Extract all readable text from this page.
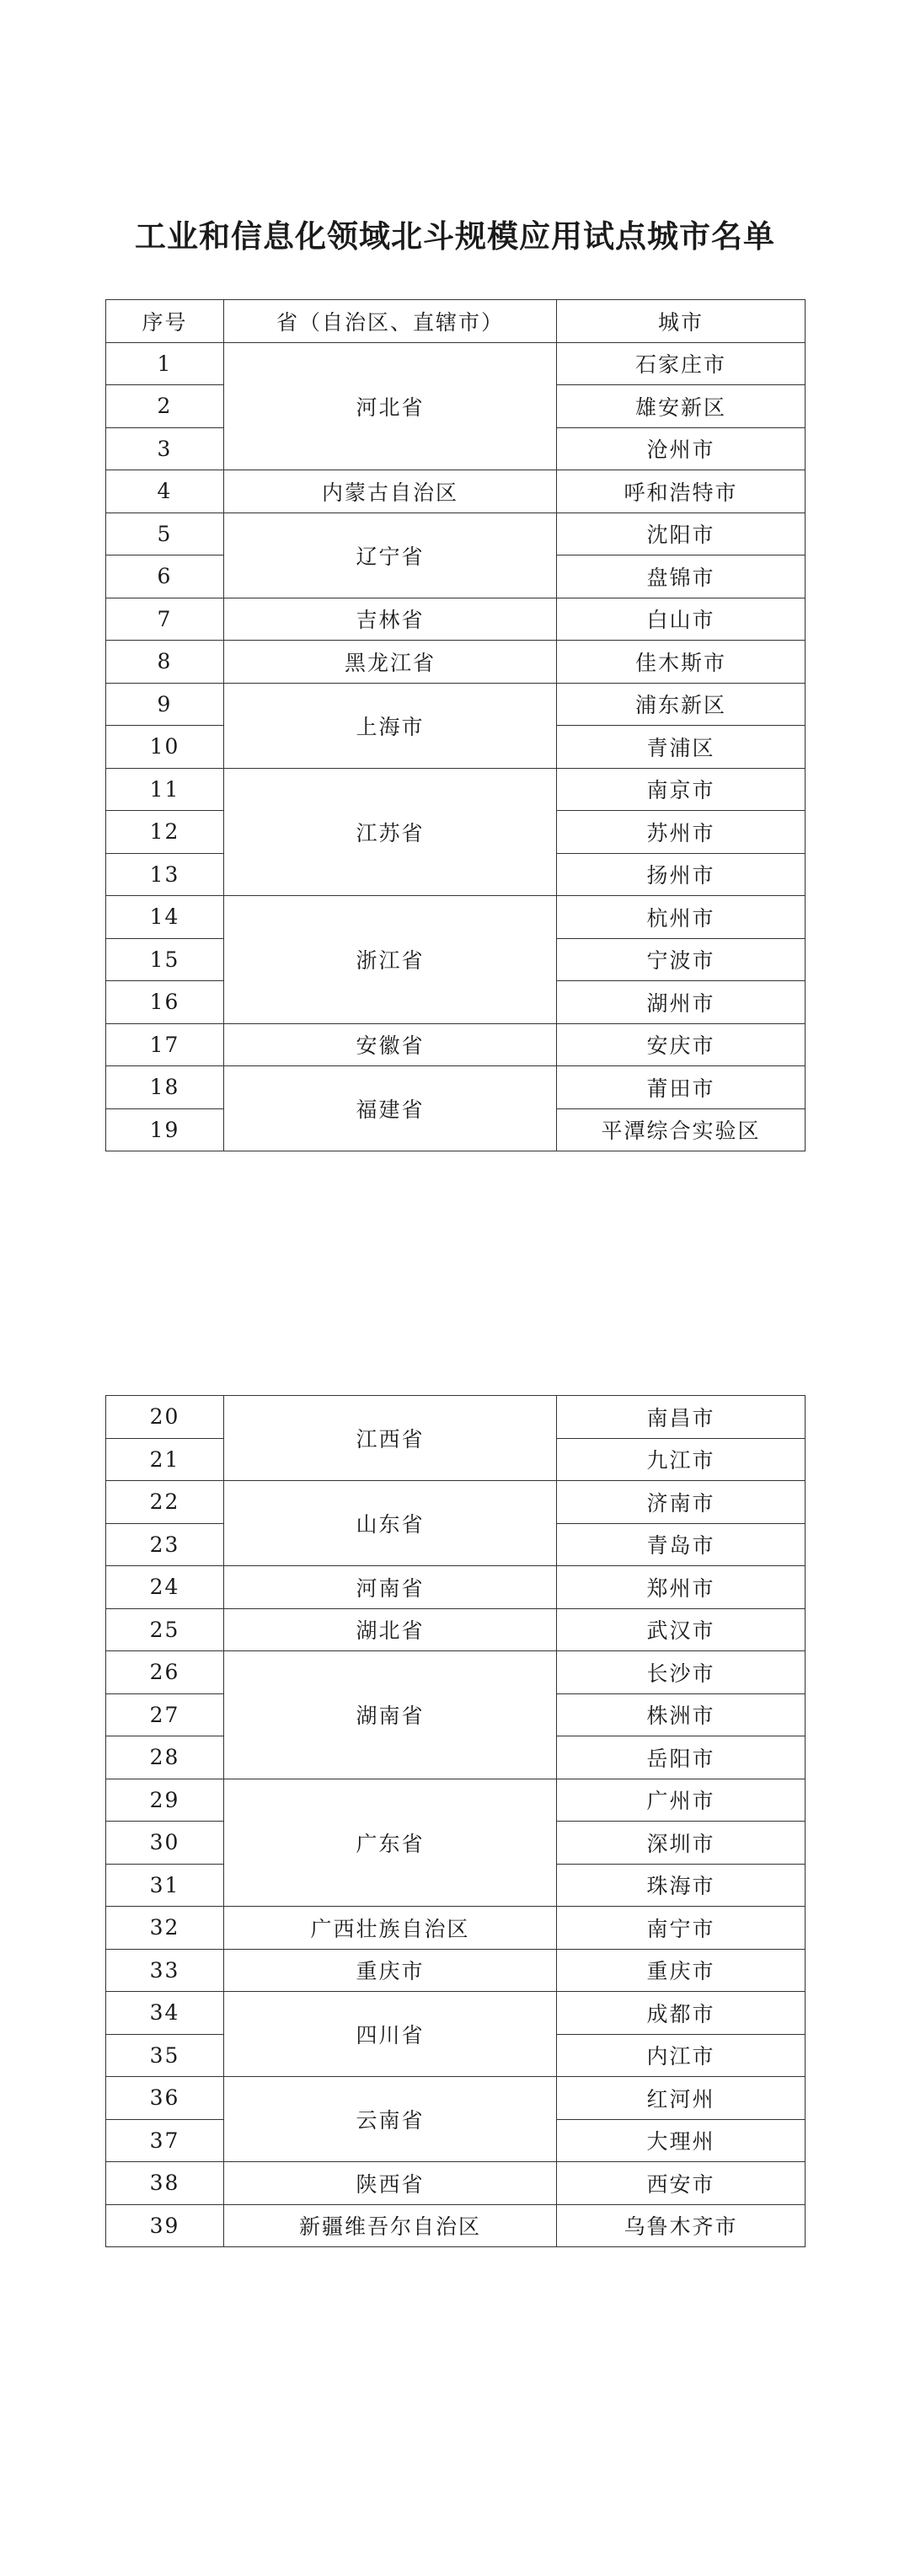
工业和信息化领域北斗规模应用试点城市名单
序号	省（自治区、直辖市）	城市
1	河北省	石家庄市
2		雄安新区
3		沧州市
4	内蒙古自治区	呼和浩特市
5	辽宁省	沈阳市
6		盘锦市
7	吉林省	白山市
8	黑龙江省	佳木斯市
9	上海市	浦东新区
10		青浦区
11	江苏省	南京市
12		苏州市
13		扬州市
14	浙江省	杭州市
15		宁波市
16		湖州市
17	安徽省	安庆市
18	福建省	莆田市
19		平潭综合实验区
20	江西省	南昌市
21		九江市
22	山东省	济南市
23		青岛市
24	河南省	郑州市
25	湖北省	武汉市
26	湖南省	长沙市
27		株洲市
28		岳阳市
29	广东省	广州市
30		深圳市
31		珠海市
32	广西壮族自治区	南宁市
33	重庆市	重庆市
34	四川省	成都市
35		内江市
36	云南省	红河州
37		大理州
38	陕西省	西安市
39	新疆维吾尔自治区	乌鲁木齐市
